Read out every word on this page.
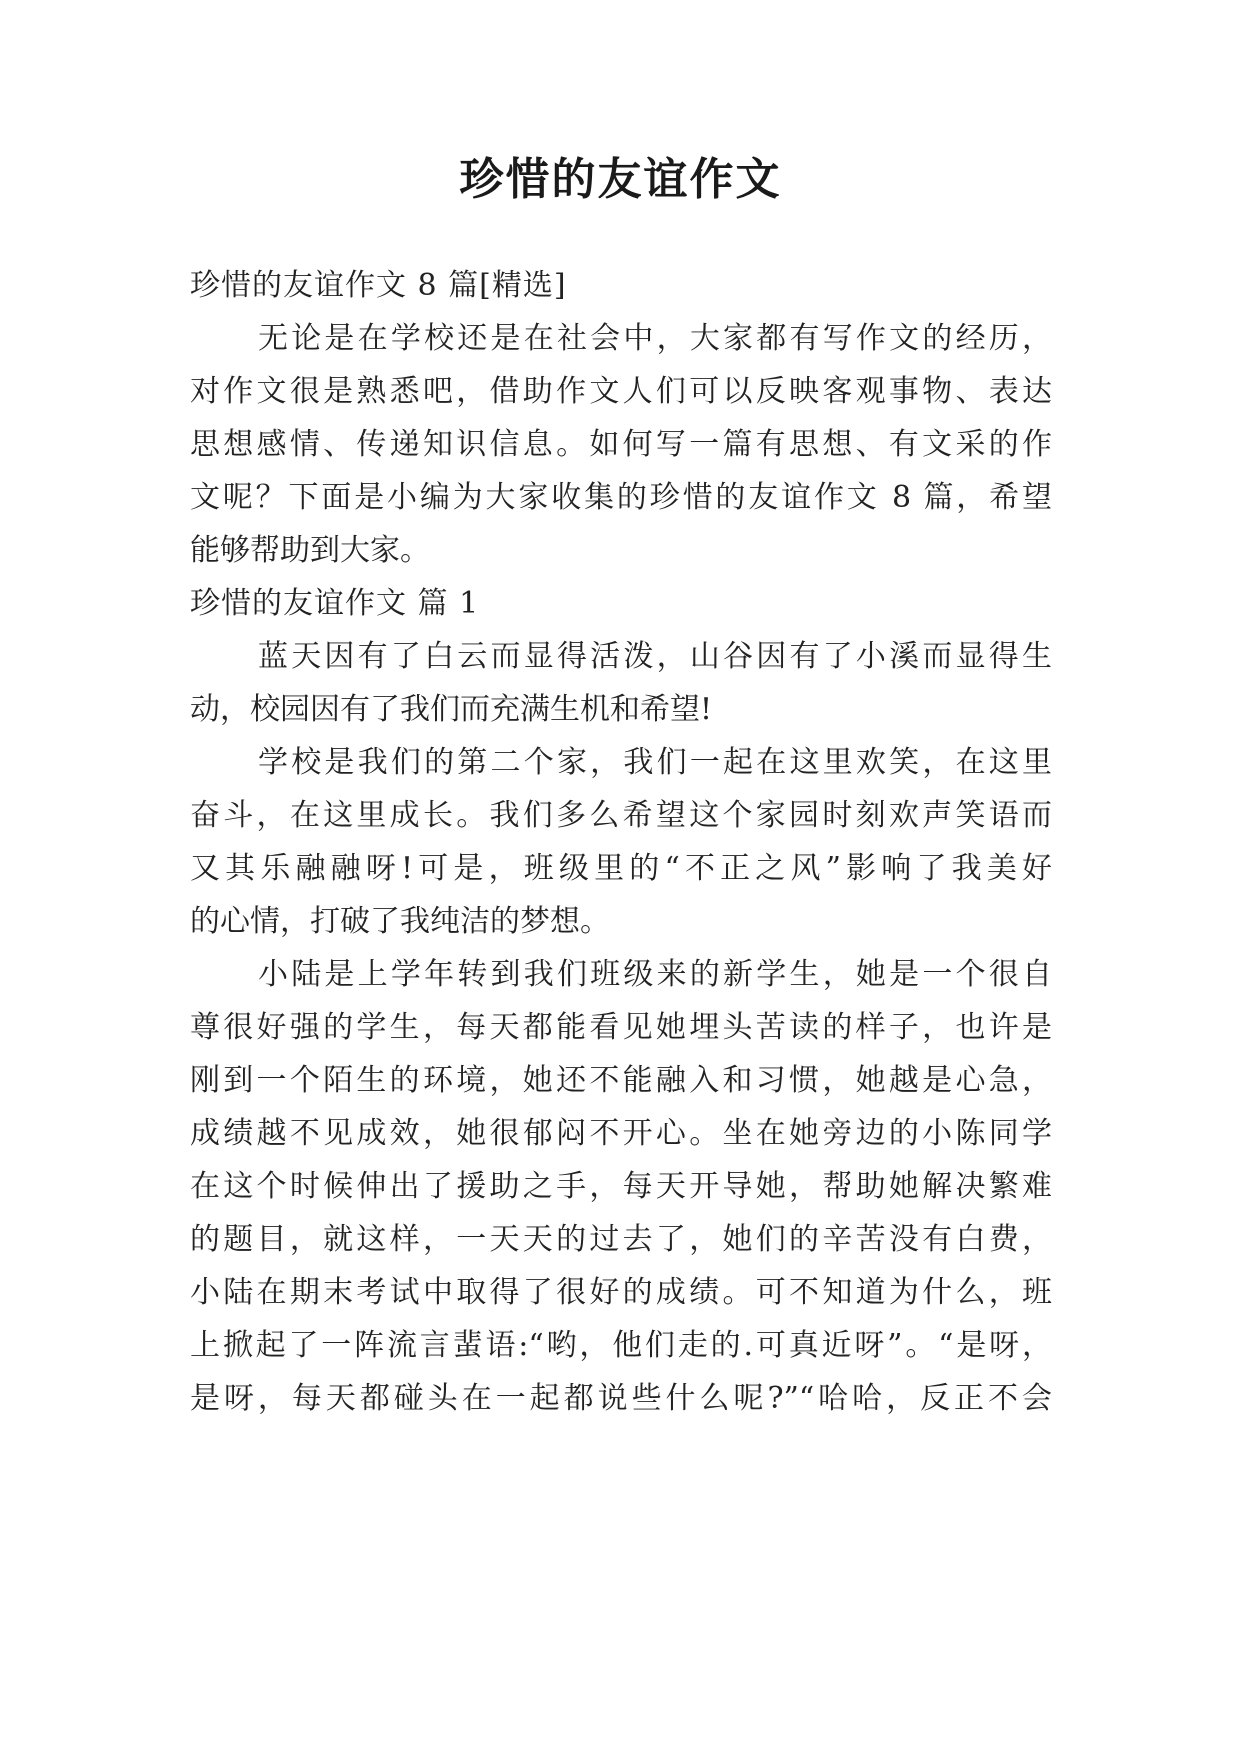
珍惜的友谊作文
珍惜的友谊作文 8 篇[精选]
无论是在学校还是在社会中，大家都有写作文的经历，
对作文很是熟悉吧，借助作文人们可以反映客观事物、表达
思想感情、传递知识信息。如何写一篇有思想、有文采的作
文呢？下面是小编为大家收集的珍惜的友谊作文 8 篇，希望
能够帮助到大家。
珍惜的友谊作文 篇 1
蓝天因有了白云而显得活泼，山谷因有了小溪而显得生
动，校园因有了我们而充满生机和希望!
学校是我们的第二个家，我们一起在这里欢笑，在这里
奋斗，在这里成长。我们多么希望这个家园时刻欢声笑语而
又其乐融融呀!可是，班级里的“不正之风”影响了我美好
的心情，打破了我纯洁的梦想。
小陆是上学年转到我们班级来的新学生，她是一个很自
尊很好强的学生，每天都能看见她埋头苦读的样子，也许是
刚到一个陌生的环境，她还不能融入和习惯，她越是心急，
成绩越不见成效，她很郁闷不开心。坐在她旁边的小陈同学
在这个时候伸出了援助之手，每天开导她，帮助她解决繁难
的题目，就这样，一天天的过去了，她们的辛苦没有白费，
小陆在期末考试中取得了很好的成绩。可不知道为什么，班
上掀起了一阵流言蜚语:“哟，他们走的.可真近呀”。“是呀，
是呀，每天都碰头在一起都说些什么呢?”“哈哈，反正不会
